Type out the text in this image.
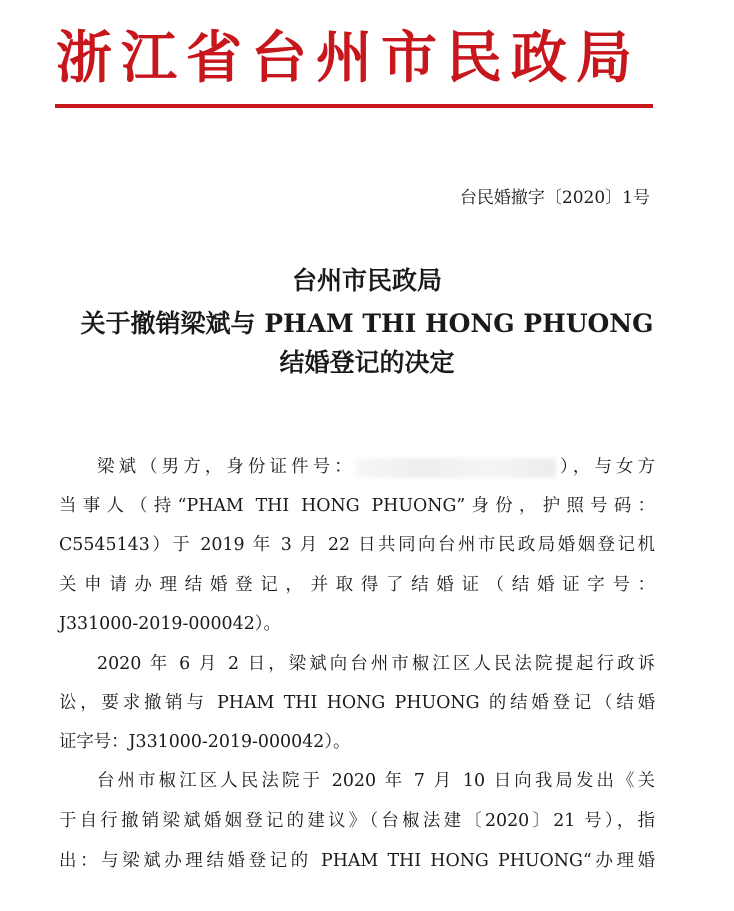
浙江省台州市民政局
台民婚撤字〔2020〕1号
台州市民政局
关于撤销梁斌与 PHAM THI HONG PHUONG
结婚登记的决定
梁斌（男方，身份证件号：	），与女方
当事人（持“PHAM THI HONG PHUONG”身份，护照号码：
C5545143）于 2019 年 3 月 22 日共同向台州市民政局婚姻登记机
关申请办理结婚登记，并取得了结婚证（结婚证字号：
J331000-2019-000042）。
2020 年 6 月 2 日，梁斌向台州市椒江区人民法院提起行政诉
讼，要求撤销与 PHAM THI HONG PHUONG 的结婚登记（结婚
证字号：J331000-2019-000042）。
台州市椒江区人民法院于 2020 年 7 月 10 日向我局发出《关
于自行撤销梁斌婚姻登记的建议》（台椒法建〔2020〕21 号），指
出：与梁斌办理结婚登记的 PHAM THI HONG PHUONG“办理婚
